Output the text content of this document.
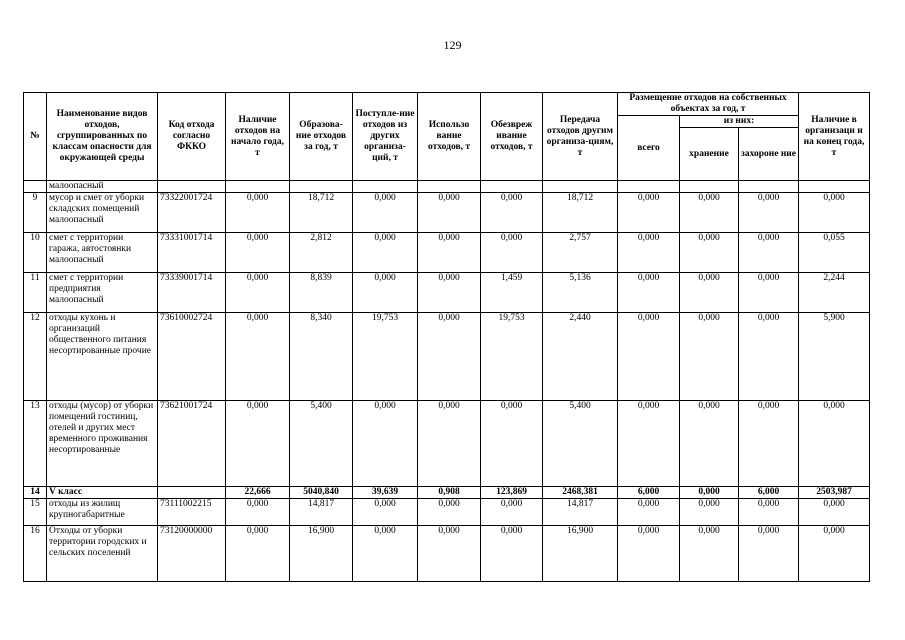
129
№	Наименование видов отходов, сгруппированных по классам опасности для окружающей среды	Код отхода согласно ФККО	Наличие отходов на начало года, т	Образова-ние отходов за год, т	Поступле-ние отходов из других организа-ций, т	Использо вание отходов, т	Обезвреж ивание отходов, т	Передача отходов другим организа-циям, т	Размещение отходов на собственных объектах за год, т			Наличие в организаци и на конец года, т
									всего	из них:		
										хранение	захороне ние	
	малоопасный											
9	мусор и смет от уборки складских помещений малоопасный	73322001724	0,000	18,712	0,000	0,000	0,000	18,712	0,000	0,000	0,000	0,000
10	смет с территории гаража, автостоянки малоопасный	73331001714	0,000	2,812	0,000	0,000	0,000	2,757	0,000	0,000	0,000	0,055
11	смет с территории предприятия малоопасный	73339001714	0,000	8,839	0,000	0,000	1,459	5,136	0,000	0,000	0,000	2,244
12	отходы кухонь и организаций общественного питания несортированные прочие	73610002724	0,000	8,340	19,753	0,000	19,753	2,440	0,000	0,000	0,000	5,900
13	отходы (мусор) от уборки помещений гостиниц, отелей и других мест временного проживания несортированные	73621001724	0,000	5,400	0,000	0,000	0,000	5,400	0,000	0,000	0,000	0,000
14	V класс		22,666	5040,840	39,639	0,908	123,869	2468,381	6,000	0,000	6,000	2503,987
15	отходы из жилищ крупногабаритные	73111002215	0,000	14,817	0,000	0,000	0,000	14,817	0,000	0,000	0,000	0,000
16	Отходы от уборки территории городских и сельских поселений	73120000000	0,000	16,900	0,000	0,000	0,000	16,900	0,000	0,000	0,000	0,000
